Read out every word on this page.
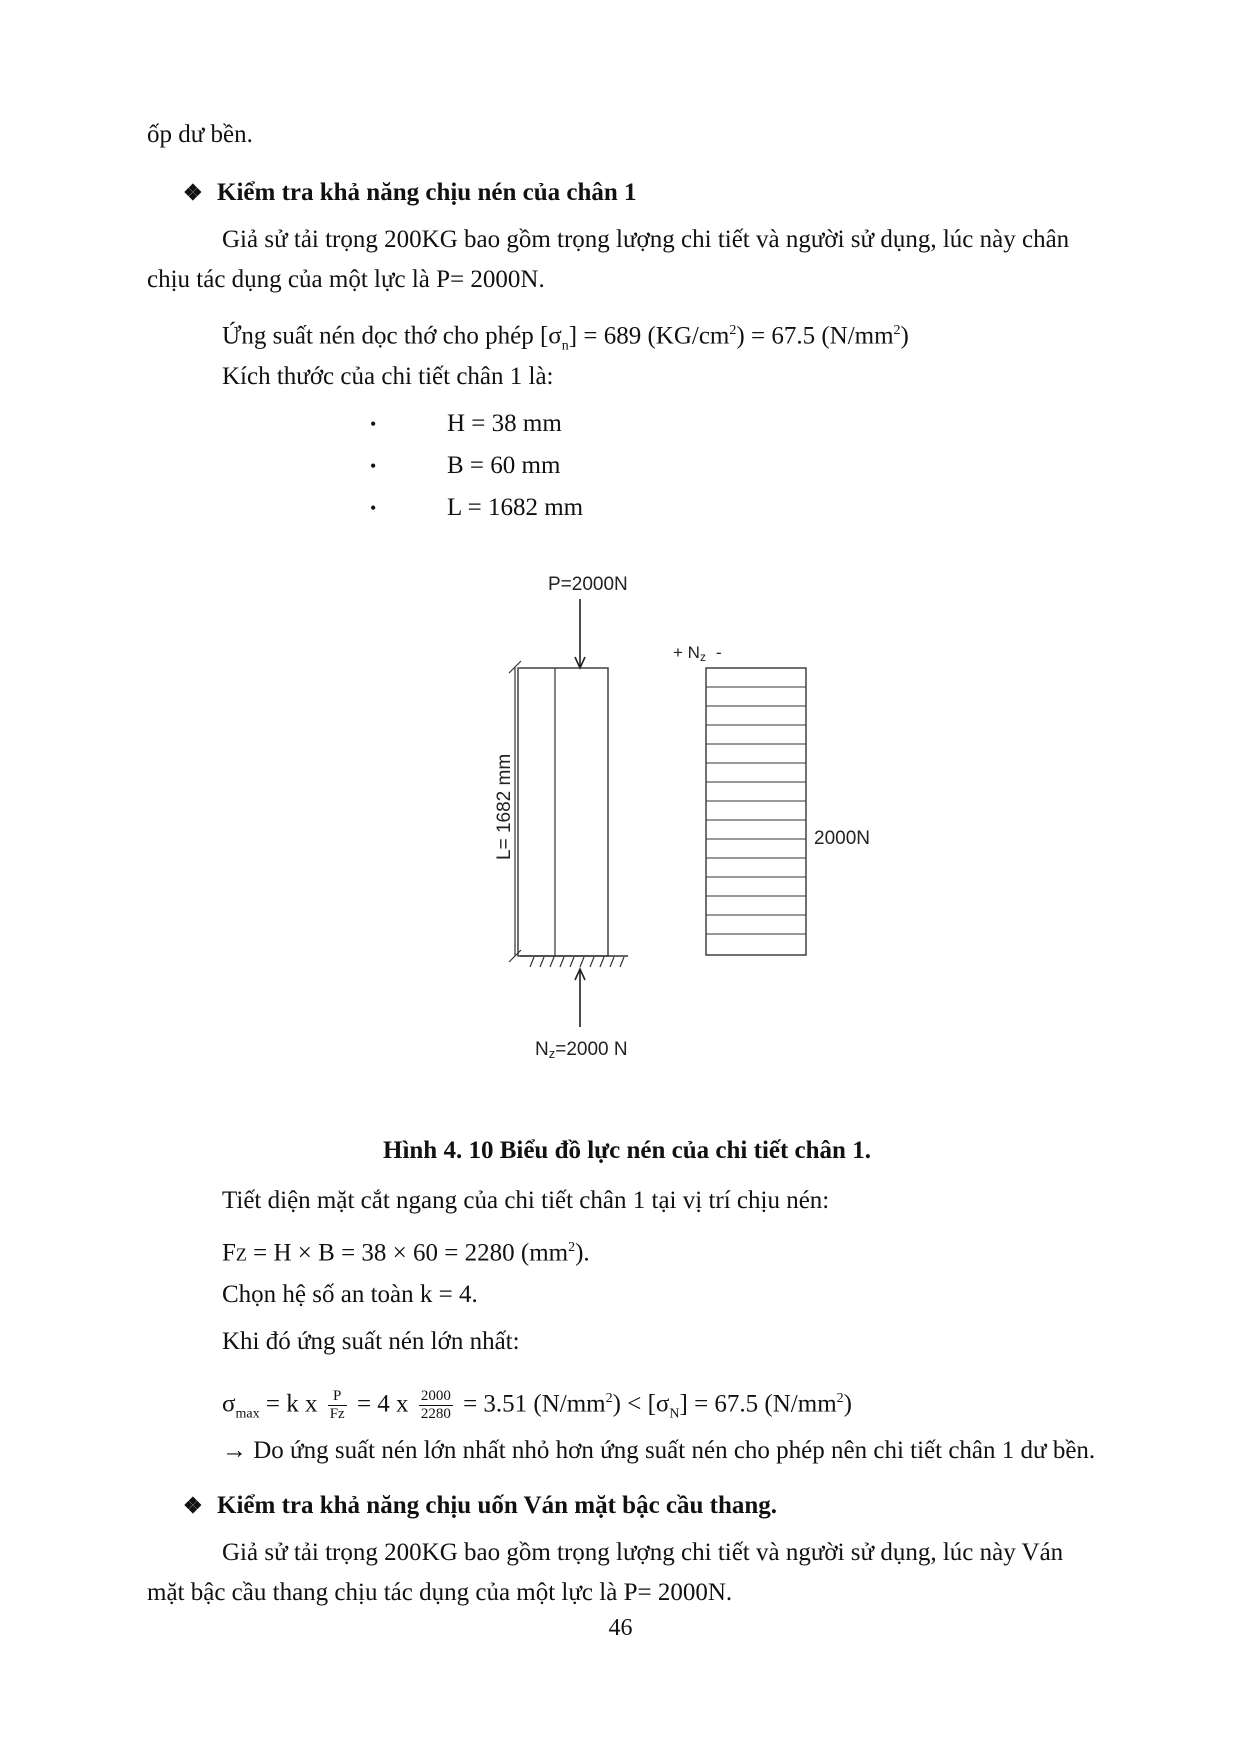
ốp dư bền.
❖ Kiểm tra khả năng chịu nén của chân 1
Giả sử tải trọng 200KG bao gồm trọng lượng chi tiết và người sử dụng, lúc này chân
chịu tác dụng của một lực là P= 2000N.
Ứng suất nén dọc thớ cho phép $[\sigma_n] = 689$ $(KG/cm^2) = 67.5$ $(N/mm^2)$
Kích thước của chi tiết chân 1 là:
•	H = 38 mm
•	B = 60 mm
•	L = 1682 mm
P=2000N
L= 1682 mm
Nz=2000 N
+ Nz -
2000N
Hình 4. 10 Biểu đồ lực nén của chi tiết chân 1.
Tiết diện mặt cắt ngang của chi tiết chân 1 tại vị trí chịu nén:
FZ = H × B = 38 × 60 = 2280 $(mm^2)$.
Chọn hệ số an toàn k = 4.
Khi đó ứng suất nén lớn nhất:
$\sigma_{max} = k$ x $\frac{P}{Fz} = 4$ x $\frac{2000}{2280} = 3.51$ $(N/mm^2) < [\sigma_N] = 67.5$ $(N/mm^2)$
→ Do ứng suất nén lớn nhất nhỏ hơn ứng suất nén cho phép nên chi tiết chân 1 dư bền.
❖ Kiểm tra khả năng chịu uốn Ván mặt bậc cầu thang.
Giả sử tải trọng 200KG bao gồm trọng lượng chi tiết và người sử dụng, lúc này Ván
mặt bậc cầu thang chịu tác dụng của một lực là P= 2000N.
46
